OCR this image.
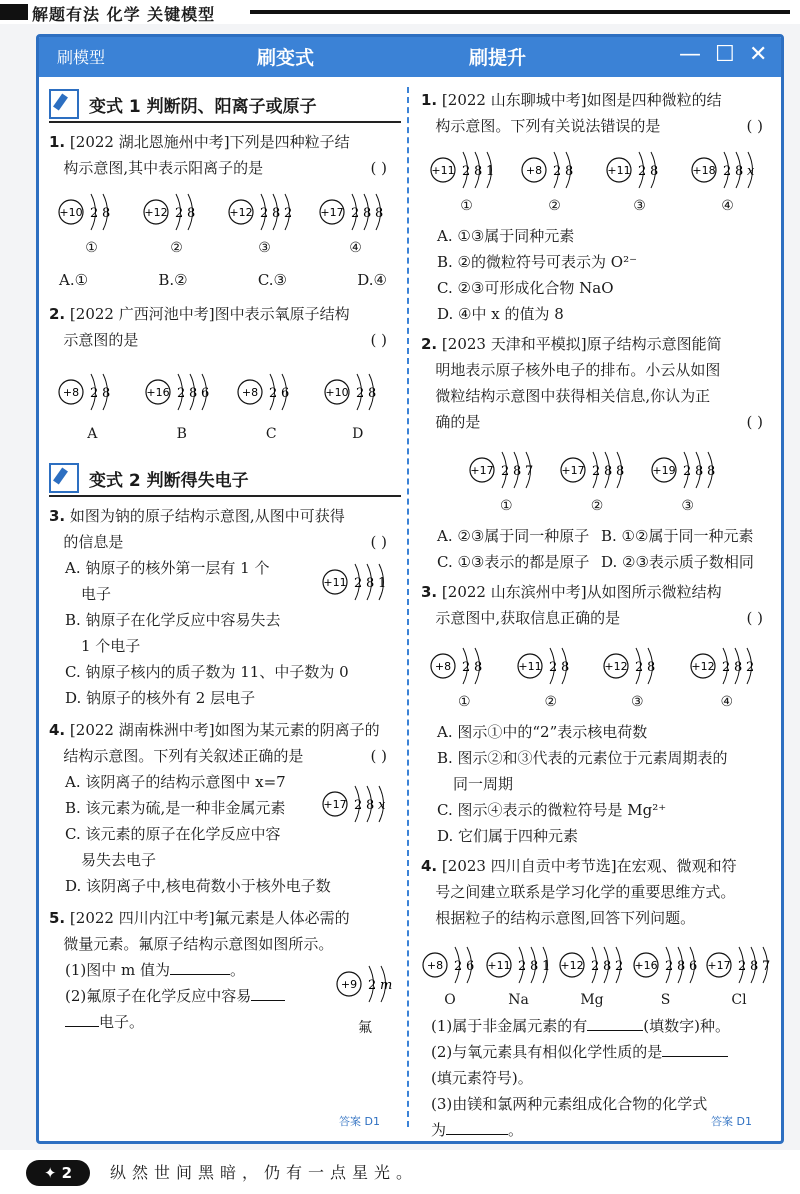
解题有法 化学 关键模型
刷模型	刷变式	刷提升	— ☐ ✕
变式 1 判断阴、阳离子或原子
1. [2022 湖北恩施州中考]下列是四种粒子结
构示意图,其中表示阳离子的是	( )
+10 2 8
①
+12 2 8
②
+12 2 8 2
③
+17 2 8 8
④
A.①	B.②	C.③	D.④
2. [2022 广西河池中考]图中表示氧原子结构
示意图的是	( )
+8 2 8
A
+16 2 8 6
B
+8 2 6
C
+10 2 8
D
变式 2 判断得失电子
3. 如图为钠的原子结构示意图,从图中可获得
的信息是	( )
A. 钠原子的核外第一层有 1 个
电子
B. 钠原子在化学反应中容易失去
1 个电子
C. 钠原子核内的质子数为 11、中子数为 0
D. 钠原子的核外有 2 层电子
+11 2 8 1
4. [2022 湖南株洲中考]如图为某元素的阴离子的
结构示意图。下列有关叙述正确的是	( )
A. 该阴离子的结构示意图中 x=7
B. 该元素为硫,是一种非金属元素
C. 该元素的原子在化学反应中容
易失去电子
D. 该阴离子中,核电荷数小于核外电子数
+17 2 8 x
5. [2022 四川内江中考]氟元素是人体必需的
微量元素。氟原子结构示意图如图所示。
(1)图中 m 值为	。
(2)氟原子在化学反应中容易
电子。
+9 2 m
氟
答案 D1
1. [2022 山东聊城中考]如图是四种微粒的结
构示意图。下列有关说法错误的是	( )
+11 2 8 1
①
+8 2 8
②
+11 2 8
③
+18 2 8 x
④
A. ①③属于同种元素
B. ②的微粒符号可表示为 O²⁻
C. ②③可形成化合物 NaO
D. ④中 x 的值为 8
2. [2023 天津和平模拟]原子结构示意图能简
明地表示原子核外电子的排布。小云从如图
微粒结构示意图中获得相关信息,你认为正
确的是	( )
+17 2 8 7
①
+17 2 8 8
②
+19 2 8 8
③
A. ②③属于同一种原子 B. ①②属于同一种元素
C. ①③表示的都是原子 D. ②③表示质子数相同
3. [2022 山东滨州中考]从如图所示微粒结构
示意图中,获取信息正确的是	( )
+8 2 8
①
+11 2 8
②
+12 2 8
③
+12 2 8 2
④
A. 图示①中的“2”表示核电荷数
B. 图示②和③代表的元素位于元素周期表的
同一周期
C. 图示④表示的微粒符号是 Mg²⁺
D. 它们属于四种元素
4. [2023 四川自贡中考节选]在宏观、微观和符
号之间建立联系是学习化学的重要思维方式。
根据粒子的结构示意图,回答下列问题。
+8 2 6
O
+11 2 8 1
Na
+12 2 8 2
Mg
+16 2 8 6
S
+17 2 8 7
Cl
(1)属于非金属元素的有	(填数字)种。
(2)与氧元素具有相似化学性质的是
(填元素符号)。
(3)由镁和氯两种元素组成化合物的化学式
为	。	答案 D1
✦ 2	纵然世间黑暗，仍有一点星光。
